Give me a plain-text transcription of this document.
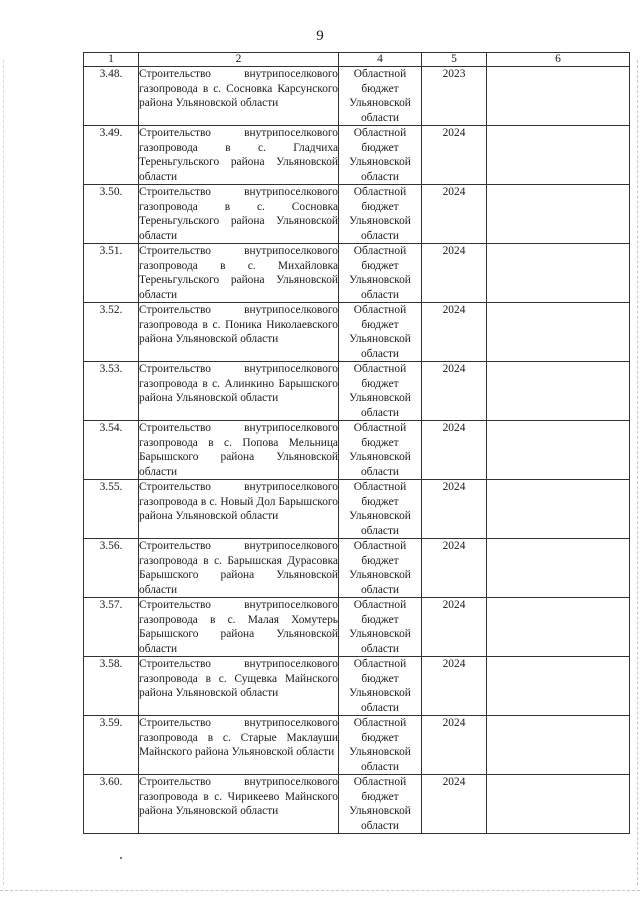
9
1	2	4	5	6
3.48.	Строительство внутрипоселкового газопровода в с. Сосновка Карсунского района Ульяновской области	Областной бюджет Ульяновской области	2023	
3.49.	Строительство внутрипоселкового газопровода в с. Гладчиха Тереньгульского района Ульяновской области	Областной бюджет Ульяновской области	2024	
3.50.	Строительство внутрипоселкового газопровода в с. Сосновка Тереньгульского района Ульяновской области	Областной бюджет Ульяновской области	2024	
3.51.	Строительство внутрипоселкового газопровода в с. Михайловка Тереньгульского района Ульяновской области	Областной бюджет Ульяновской области	2024	
3.52.	Строительство внутрипоселкового газопровода в с. Поника Николаевского района Ульяновской области	Областной бюджет Ульяновской области	2024	
3.53.	Строительство внутрипоселкового газопровода в с. Алинкино Барышского района Ульяновской области	Областной бюджет Ульяновской области	2024	
3.54.	Строительство внутрипоселкового газопровода в с. Попова Мельница Барышского района Ульяновской области	Областной бюджет Ульяновской области	2024	
3.55.	Строительство внутрипоселкового газопровода в с. Новый Дол Барышского района Ульяновской области	Областной бюджет Ульяновской области	2024	
3.56.	Строительство внутрипоселкового газопровода в с. Барышская Дурасовка Барышского района Ульяновской области	Областной бюджет Ульяновской области	2024	
3.57.	Строительство внутрипоселкового газопровода в с. Малая Хомутерь Барышского района Ульяновской области	Областной бюджет Ульяновской области	2024	
3.58.	Строительство внутрипоселкового газопровода в с. Сущевка Майнского района Ульяновской области	Областной бюджет Ульяновской области	2024	
3.59.	Строительство внутрипоселкового газопровода в с. Старые Маклауши Майнского района Ульяновской области	Областной бюджет Ульяновской области	2024	
3.60.	Строительство внутрипоселкового газопровода в с. Чирикеево Майнского района Ульяновской области	Областной бюджет Ульяновской области	2024	
